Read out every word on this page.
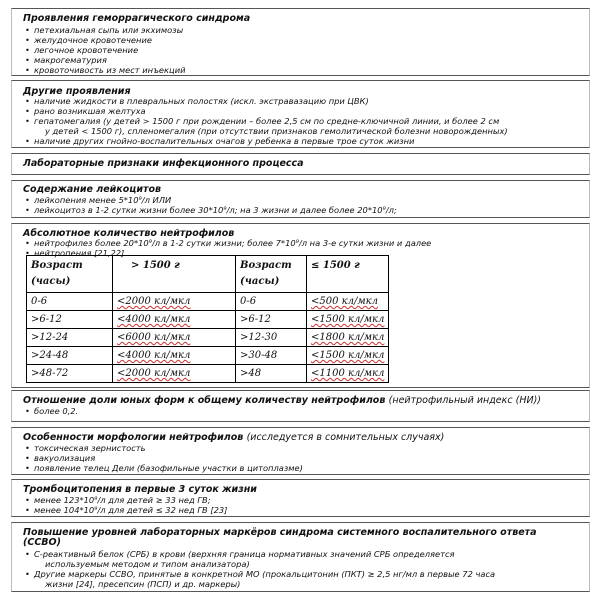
Проявления геморрагического синдрома
• петехиальная сыпь или экхимозы
• желудочное кровотечение
• легочное кровотечение
• макрогематурия
• кровоточивость из мест инъекций
Другие проявления
• наличие жидкости в плевральных полостях (искл. экстравазацию при ЦВК)
• рано возникшая желтуха
• гепатомегалия (у детей > 1500 г при рождении – более 2,5 см по средне-ключичной линии, и более 2 см
у детей < 1500 г), спленомегалия (при отсутствии признаков гемолитической болезни новорожденных)
• наличие других гнойно-воспалительных очагов у ребенка в первые трое суток жизни
Лабораторные признаки инфекционного процесса
Содержание лейкоцитов
• лейкопения менее 5*10⁹/л ИЛИ
• лейкоцитоз в 1-2 сутки жизни более 30*10⁹/л; на 3 жизни и далее более 20*10⁹/л;
Абсолютное количество нейтрофилов
• нейтрофилез более 20*10⁹/л в 1-2 сутки жизни; более 7*10⁹/л на 3-е сутки жизни и далее
• нейтропения [21,22]
Возраст
(часы)	> 1500 г	Возраст
(часы)	≤ 1500 г
0-6	<2000 кл/мкл	0-6	<500 кл/мкл
>6-12	<4000 кл/мкл	>6-12	<1500 кл/мкл
>12-24	<6000 кл/мкл	>12-30	<1800 кл/мкл
>24-48	<4000 кл/мкл	>30-48	<1500 кл/мкл
>48-72	<2000 кл/мкл	>48	<1100 кл/мкл
Отношение доли юных форм к общему количеству нейтрофилов (нейтрофильный индекс (НИ))
• более 0,2.
Особенности морфологии нейтрофилов (исследуется в сомнительных случаях)
• токсическая зернистость
• вакуолизация
• появление телец Дели (базофильные участки в цитоплазме)
Тромбоцитопения в первые 3 суток жизни
• менее 123*10⁹/л для детей ≥ 33 нед ГВ;
• менее 104*10⁹/л для детей ≤ 32 нед ГВ [23]
Повышение уровней лабораторных маркёров синдрома системного воспалительного ответа
(ССВО)
• С-реактивный белок (СРБ) в крови (верхняя граница нормативных значений СРБ определяется
используемым методом и типом анализатора)
• Другие маркеры ССВО, принятые в конкретной МО (прокальцитонин (ПКТ) ≥ 2,5 нг/мл в первые 72 часа
жизни [24], пресепсин (ПСП) и др. маркеры)
